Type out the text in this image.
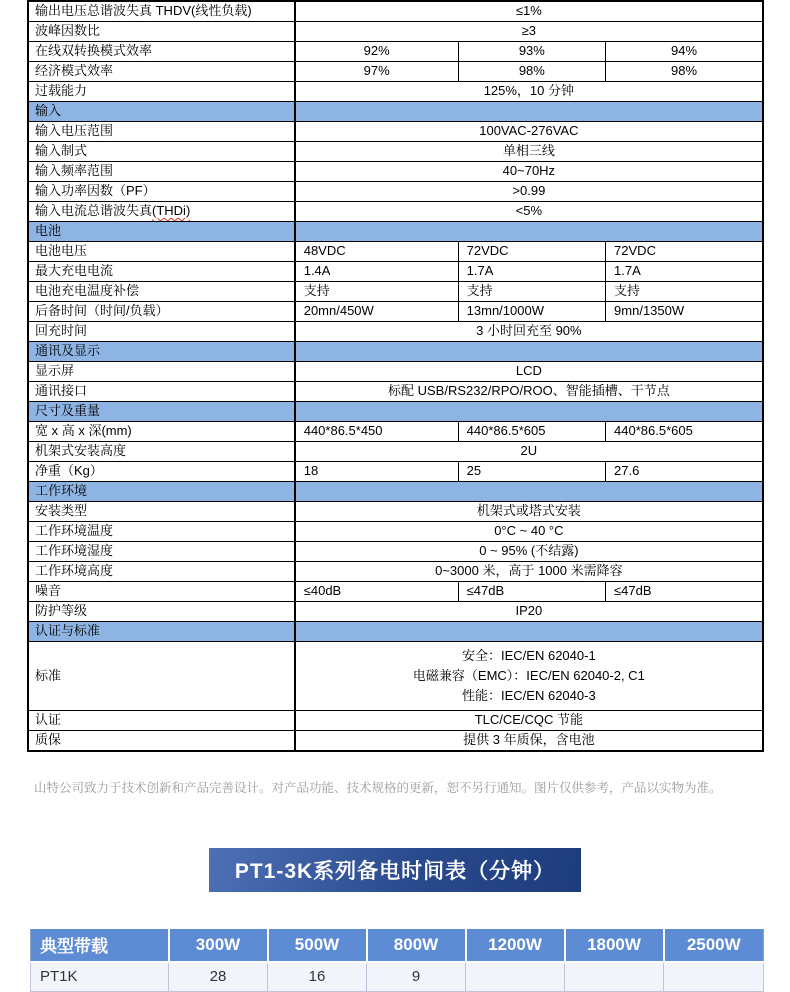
输出电压总谐波失真 THDV(线性负载)	≤1%		
波峰因数比	≥3		
在线双转换模式效率	92%	93%	94%
经济模式效率	97%	98%	98%
过载能力	125%，10 分钟		
输入			
输入电压范围	100VAC-276VAC		
输入制式	单相三线		
输入频率范围	40~70Hz		
输入功率因数（PF）	>0.99		
输入电流总谐波失真(THDi)	<5%		
电池			
电池电压	48VDC	72VDC	72VDC
最大充电电流	1.4A	1.7A	1.7A
电池充电温度补偿	支持	支持	支持
后备时间（时间/负载）	20mn/450W	13mn/1000W	9mn/1350W
回充时间	3 小时回充至 90%		
通讯及显示			
显示屏	LCD		
通讯接口	标配 USB/RS232/RPO/ROO、智能插槽、干节点		
尺寸及重量			
宽 x 高 x 深(mm)	440*86.5*450	440*86.5*605	440*86.5*605
机架式安装高度	2U		
净重（Kg）	18	25	27.6
工作环境			
安装类型	机架式或塔式安装		
工作环境温度	0°C ~ 40 °C		
工作环境湿度	0 ~ 95% (不结露)		
工作环境高度	0~3000 米，高于 1000 米需降容		
噪音	≤40dB	≤47dB	≤47dB
防护等级	IP20		
认证与标准			
标准	安全：IEC/EN 62040-1
电磁兼容（EMC）：IEC/EN 62040-2, C1
性能：IEC/EN 62040-3		

认证	TLC/CE/CQC 节能		
质保	提供 3 年质保，含电池		

山特公司致力于技术创新和产品完善设计。对产品功能、技术规格的更新，恕不另行通知。图片仅供参考，产品以实物为准。

PT1-3K系列备电时间表（分钟）
典型带载	300W	500W	800W	1200W	1800W	2500W
PT1K	28	16	9			
